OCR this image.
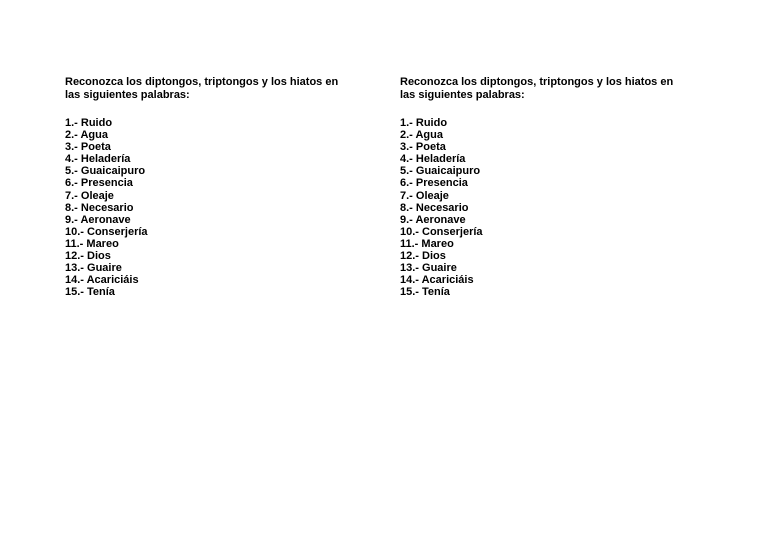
Reconozca los diptongos, triptongos y los hiatos en las siguientes palabras:

1.- Ruido
2.- Agua
3.- Poeta
4.- Heladería
5.- Guaicaipuro
6.- Presencia
7.- Oleaje
8.- Necesario
9.- Aeronave
10.- Conserjería
11.- Mareo
12.- Dios
13.- Guaire
14.- Acariciáis
15.- Tenía

Reconozca los diptongos, triptongos y los hiatos en las siguientes palabras:

1.- Ruido
2.- Agua
3.- Poeta
4.- Heladería
5.- Guaicaipuro
6.- Presencia
7.- Oleaje
8.- Necesario
9.- Aeronave
10.- Conserjería
11.- Mareo
12.- Dios
13.- Guaire
14.- Acariciáis
15.- Tenía
